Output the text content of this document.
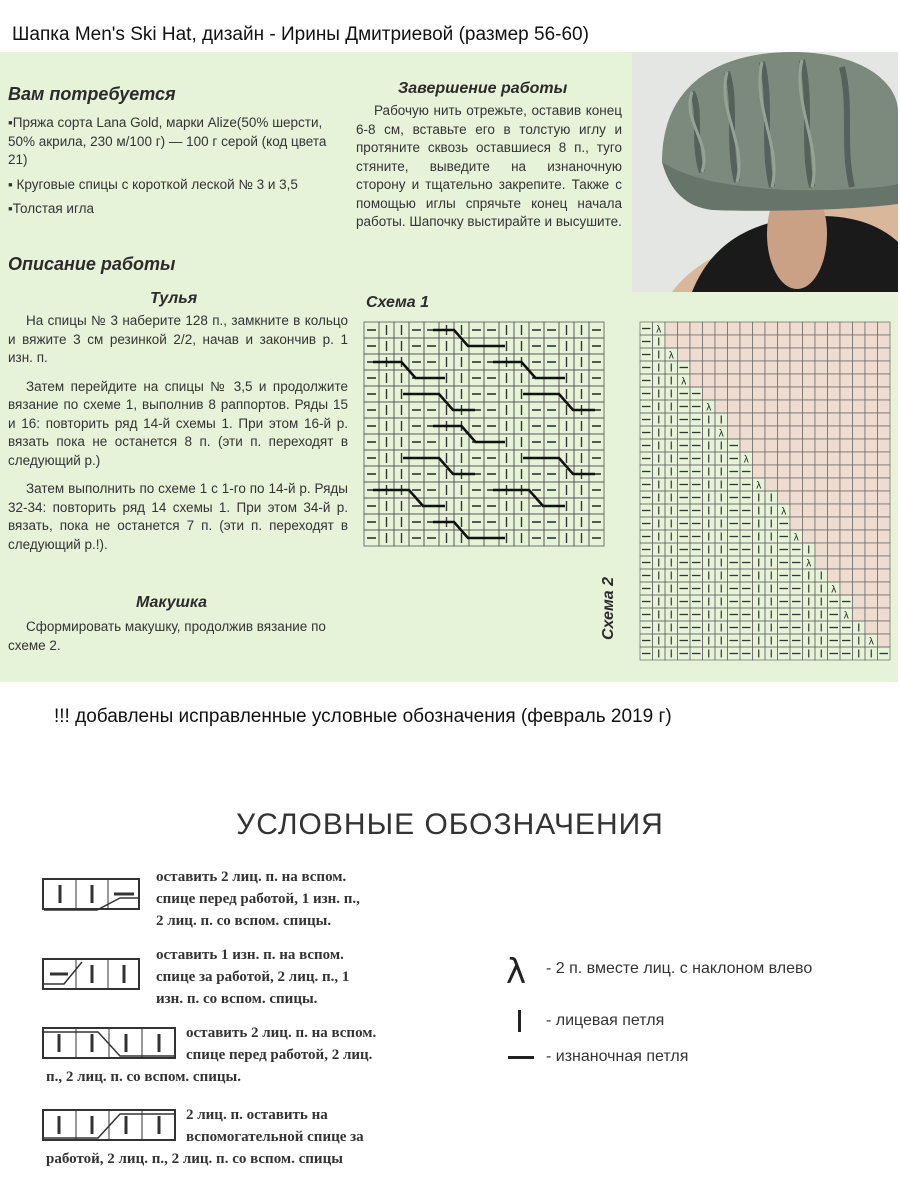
Шапка Men's Ski Hat, дизайн - Ирины Дмитриевой (размер 56-60)
Вам потребуется
▪Пряжа сорта Lana Gold, марки Alize(50% шерсти, 50% акрила, 230 м/100 г) — 100 г серой (код цвета 21)
▪ Круговые спицы с короткой леской № 3 и 3,5
▪Толстая игла
Описание работы
Тулья

На спицы № 3 наберите 128 п., замкните в кольцо и вяжите 3 см резинкой 2/2, начав и закончив р. 1 изн. п.

Затем перейдите на спицы № 3,5 и продолжите вязание по схеме 1, выполнив 8 раппортов. Ряды 15 и 16: повторить ряд 14-й схемы 1. При этом 16-й р. вязать пока не останется 8 п. (эти п. переходят в следующий р.)

Затем выполнить по схеме 1 с 1-го по 14-й р. Ряды 32-34: повторить ряд 14 схемы 1. При этом 34-й р. вязать, пока не останется 7 п. (эти п. переходят в следующий р.!).

Макушка

Сформировать макушку, продолжив вязание по схеме 2.

Завершение работы
Рабочую нить отрежьте, оставив конец 6-8 см, вставьте его в толстую иглу и протяните сквозь оставшиеся 8 п., туго стяните, выведите на изнаночную сторону и тщательно закрепите. Также с помощью иглы спрячьте конец начала работы. Шапочку выстирайте и высушите.
Схема 1
λ
λ
λ
λ
λ
λ
λ
λ
λ
λ
λ
λ
λ
Схема 2
!!! добавлены исправленные условные обозначения (февраль 2019 г)
УСЛОВНЫЕ ОБОЗНАЧЕНИЯ
оставить 2 лиц. п. на вспом.
спице перед работой, 1 изн. п.,
2 лиц. п. со вспом. спицы.
оставить 1 изн. п. на вспом.
спице за работой, 2 лиц. п., 1
изн. п. со вспом. спицы.
оставить 2 лиц. п. на вспом.
спице перед работой, 2 лиц.
п., 2 лиц. п. со вспом. спицы.
2 лиц. п. оставить на
вспомогательной спице за
работой, 2 лиц. п., 2 лиц. п. со вспом. спицы
λ - 2 п. вместе лиц. с наклоном влево
- лицевая петля
- изнаночная петля
